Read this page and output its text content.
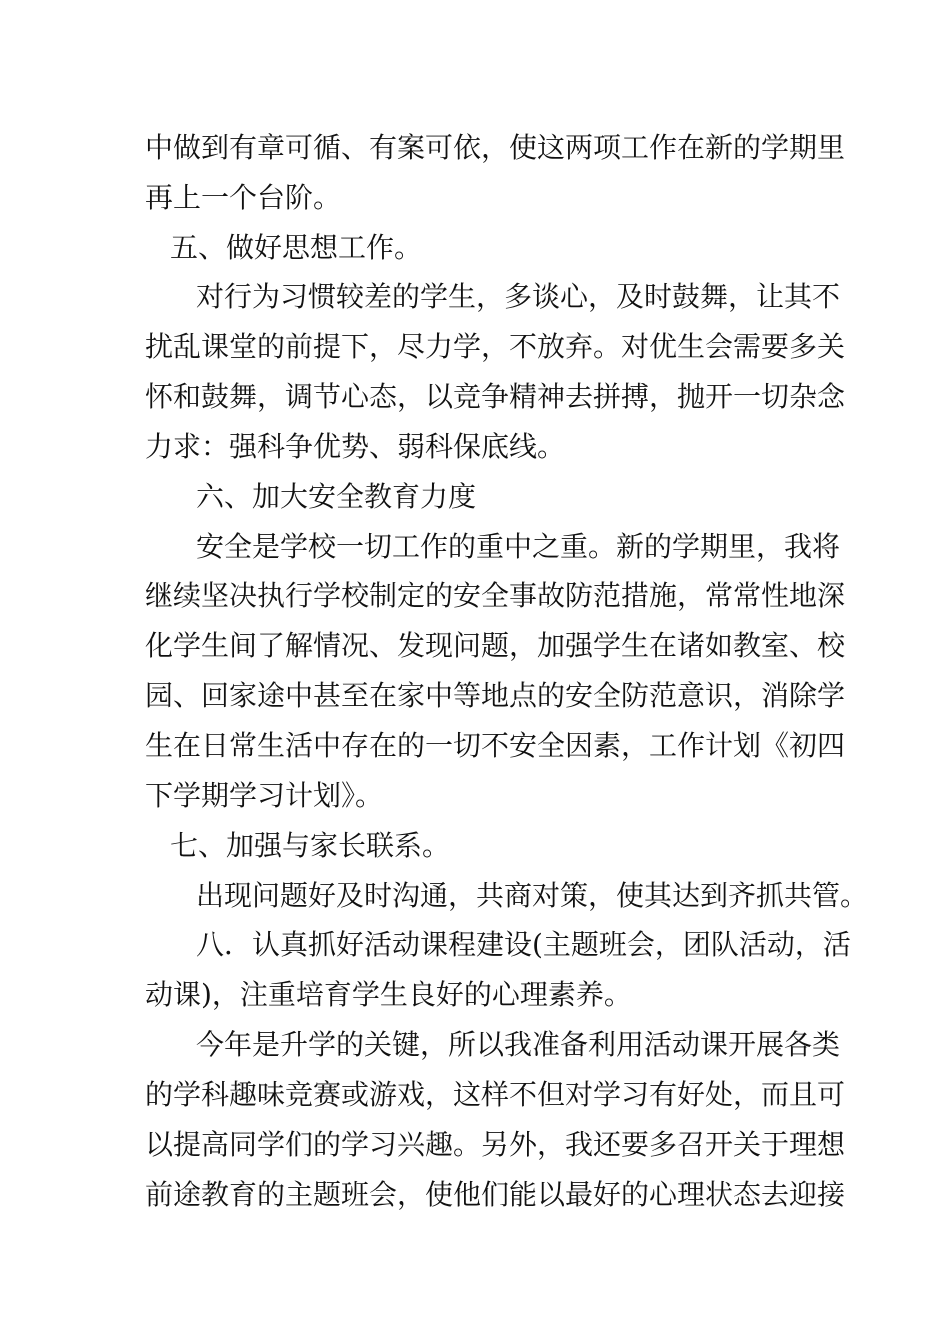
中做到有章可循、有案可依，使这两项工作在新的学期里
再上一个台阶。
五、做好思想工作。
对行为习惯较差的学生，多谈心，及时鼓舞，让其不
扰乱课堂的前提下，尽力学，不放弃。对优生会需要多关
怀和鼓舞，调节心态，以竞争精神去拼搏，抛开一切杂念
力求：强科争优势、弱科保底线。
六、加大安全教育力度
安全是学校一切工作的重中之重。新的学期里，我将
继续坚决执行学校制定的安全事故防范措施，常常性地深
化学生间了解情况、发现问题，加强学生在诸如教室、校
园、回家途中甚至在家中等地点的安全防范意识，消除学
生在日常生活中存在的一切不安全因素，工作计划《初四
下学期学习计划》。
七、加强与家长联系。
出现问题好及时沟通，共商对策，使其达到齐抓共管。
八．认真抓好活动课程建设(主题班会，团队活动，活
动课)，注重培育学生良好的心理素养。
今年是升学的关键，所以我准备利用活动课开展各类
的学科趣味竞赛或游戏，这样不但对学习有好处，而且可
以提高同学们的学习兴趣。另外，我还要多召开关于理想
前途教育的主题班会，使他们能以最好的心理状态去迎接
